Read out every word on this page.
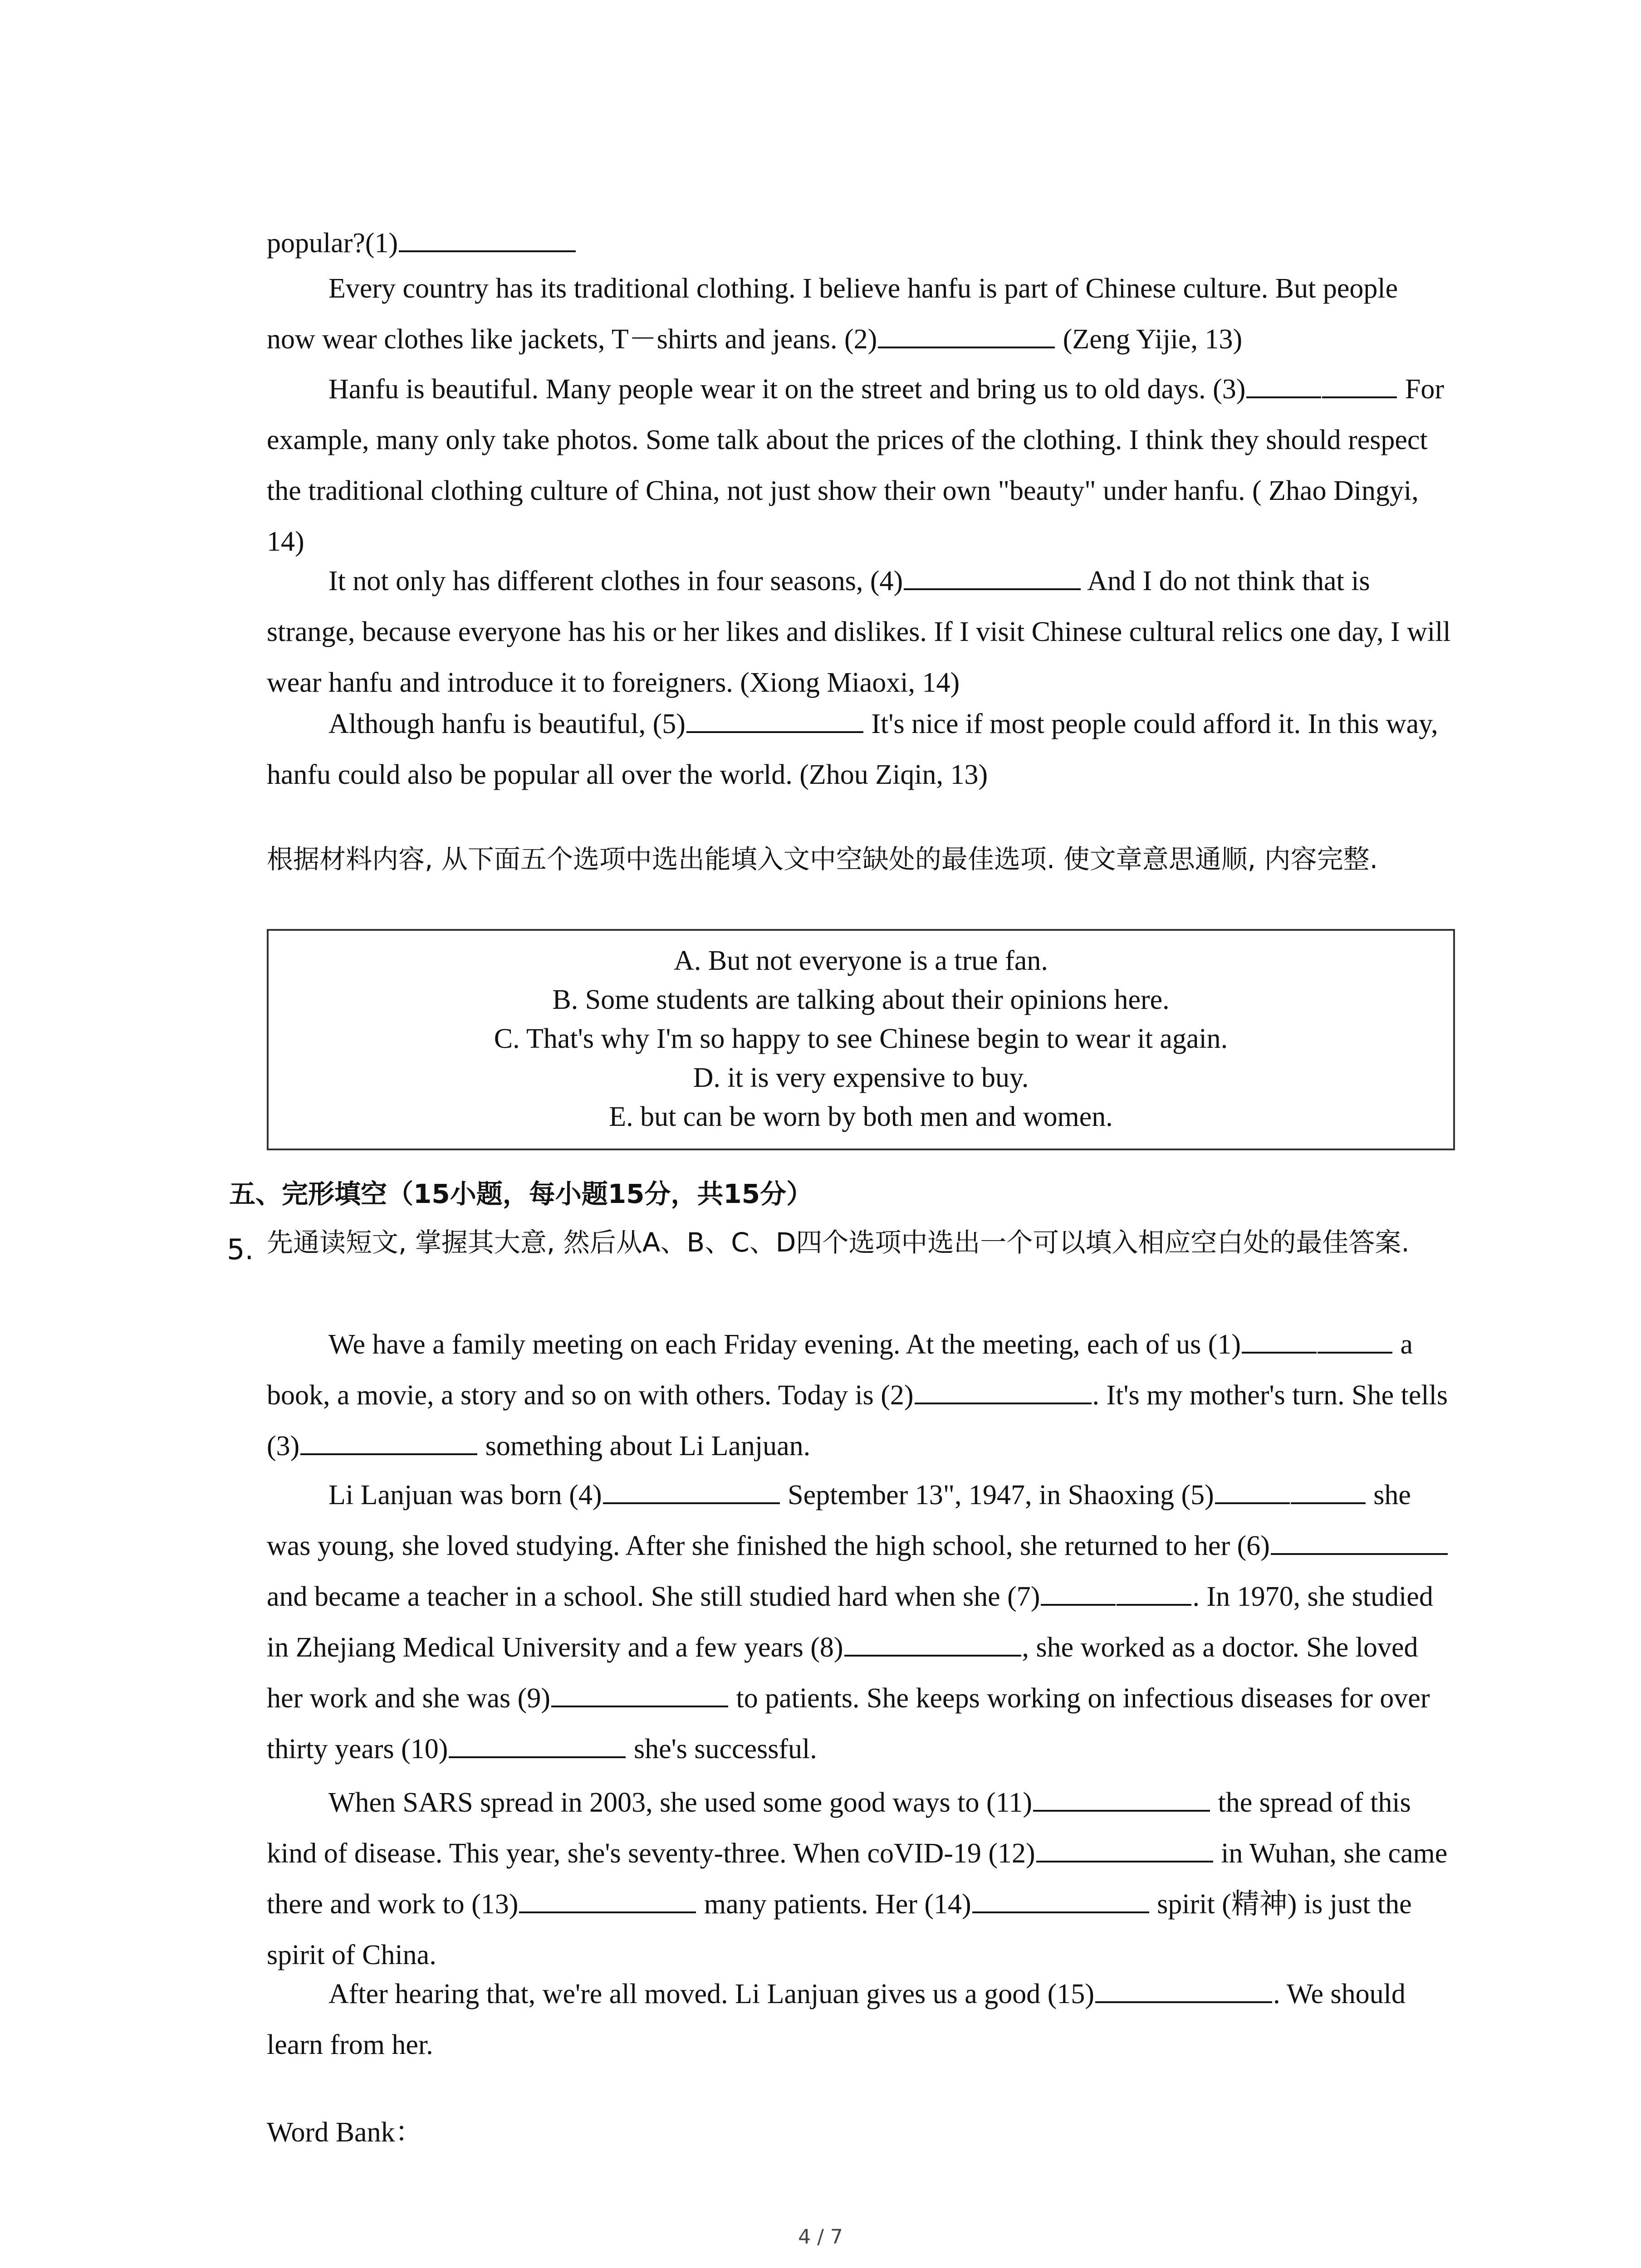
popular?(1)

Every country has its traditional clothing. I believe hanfu is part of Chinese culture. But people now wear clothes like jackets, T－shirts and jeans. (2)	(Zeng Yijie, 13)

Hanfu is beautiful. Many people wear it on the street and bring us to old days. (3)	For example, many only take photos. Some talk about the prices of the clothing. I think they should respect the traditional clothing culture of China, not just show their own "beauty" under hanfu. ( Zhao Dingyi, 14)

It not only has different clothes in four seasons, (4)	And I do not think that is strange, because everyone has his or her likes and dislikes. If I visit Chinese cultural relics one day, I will wear hanfu and introduce it to foreigners. (Xiong Miaoxi, 14)

Although hanfu is beautiful, (5)	It's nice if most people could afford it. In this way, hanfu could also be popular all over the world. (Zhou Ziqin, 13)

根据材料内容, 从下面五个选项中选出能填入文中空缺处的最佳选项. 使文章意思通顺, 内容完整.

A. But not everyone is a true fan.

B. Some students are talking about their opinions here.

C. That's why I'm so happy to see Chinese begin to wear it again.

D. it is very expensive to buy.

E. but can be worn by both men and women.

五、完形填空（15小题，每小题15分，共15分）

5. 先通读短文, 掌握其大意, 然后从A、B、C、D四个选项中选出一个可以填入相应空白处的最佳答案.

We have a family meeting on each Friday evening. At the meeting, each of us (1)	a book, a movie, a story and so on with others. Today is (2)	. It's my mother's turn. She tells (3)	something about Li Lanjuan.

Li Lanjuan was born (4)	September 13", 1947, in Shaoxing (5)	she was young, she loved studying. After she finished the high school, she returned to her (6) and became a teacher in a school. She still studied hard when she (7)	. In 1970, she studied in Zhejiang Medical University and a few years (8)	, she worked as a doctor. She loved her work and she was (9)	to patients. She keeps working on infectious diseases for over thirty years (10)	she's successful.

When SARS spread in 2003, she used some good ways to (11)	the spread of this kind of disease. This year, she's seventy-three. When coVID-19 (12)	in Wuhan, she came there and work to (13)	many patients. Her (14)	spirit (精神) is just the spirit of China.

After hearing that, we're all moved. Li Lanjuan gives us a good (15)	. We should learn from her.

Word Bank：

4 / 7
